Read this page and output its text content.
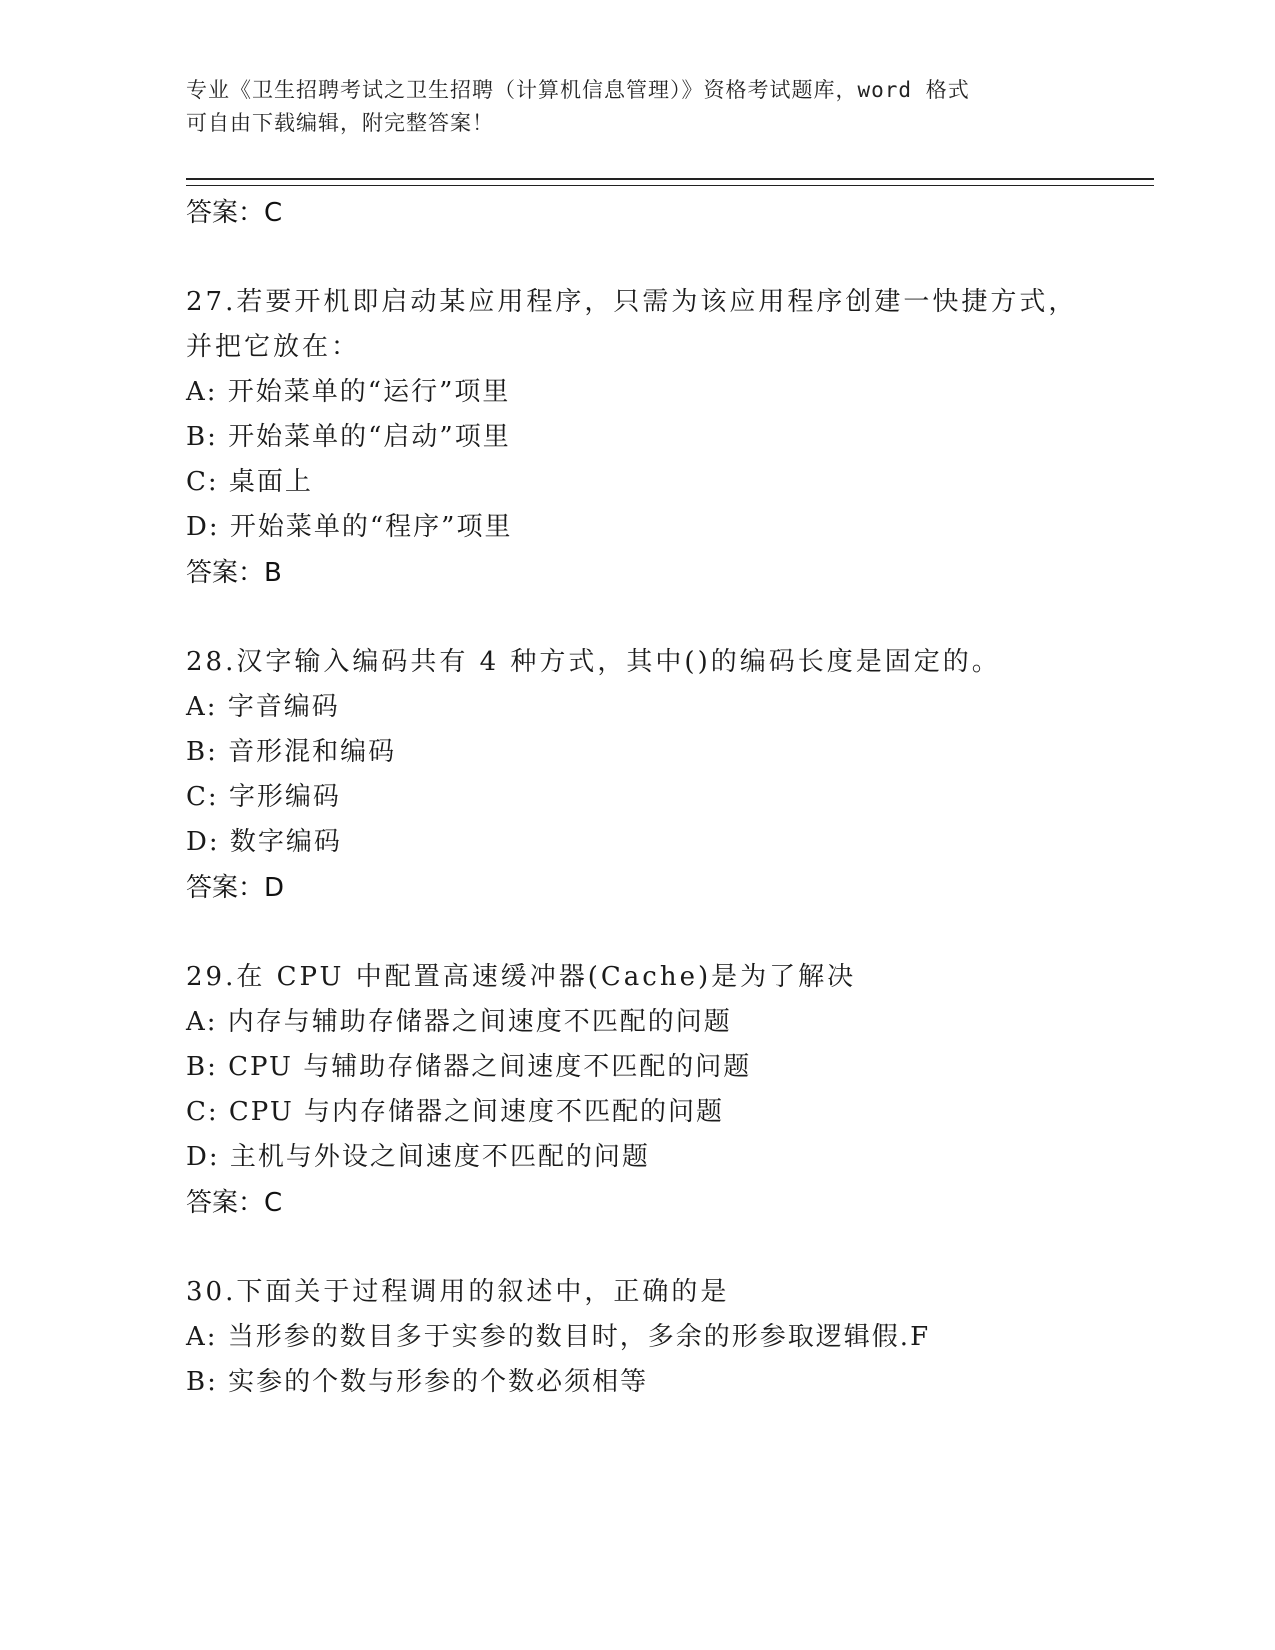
专业《卫生招聘考试之卫生招聘（计算机信息管理）》资格考试题库，word 格式
可自由下载编辑，附完整答案！
答案：C
27.若要开机即启动某应用程序，只需为该应用程序创建一快捷方式，
并把它放在：
A: 开始菜单的“运行”项里
B: 开始菜单的“启动”项里
C: 桌面上
D: 开始菜单的“程序”项里
答案：B
28.汉字输入编码共有 4 种方式，其中()的编码长度是固定的。
A: 字音编码
B: 音形混和编码
C: 字形编码
D: 数字编码
答案：D
29.在 CPU 中配置高速缓冲器(Cache)是为了解决
A: 内存与辅助存储器之间速度不匹配的问题
B: CPU 与辅助存储器之间速度不匹配的问题
C: CPU 与内存储器之间速度不匹配的问题
D: 主机与外设之间速度不匹配的问题
答案：C
30.下面关于过程调用的叙述中，正确的是
A: 当形参的数目多于实参的数目时，多余的形参取逻辑假.F
B: 实参的个数与形参的个数必须相等
